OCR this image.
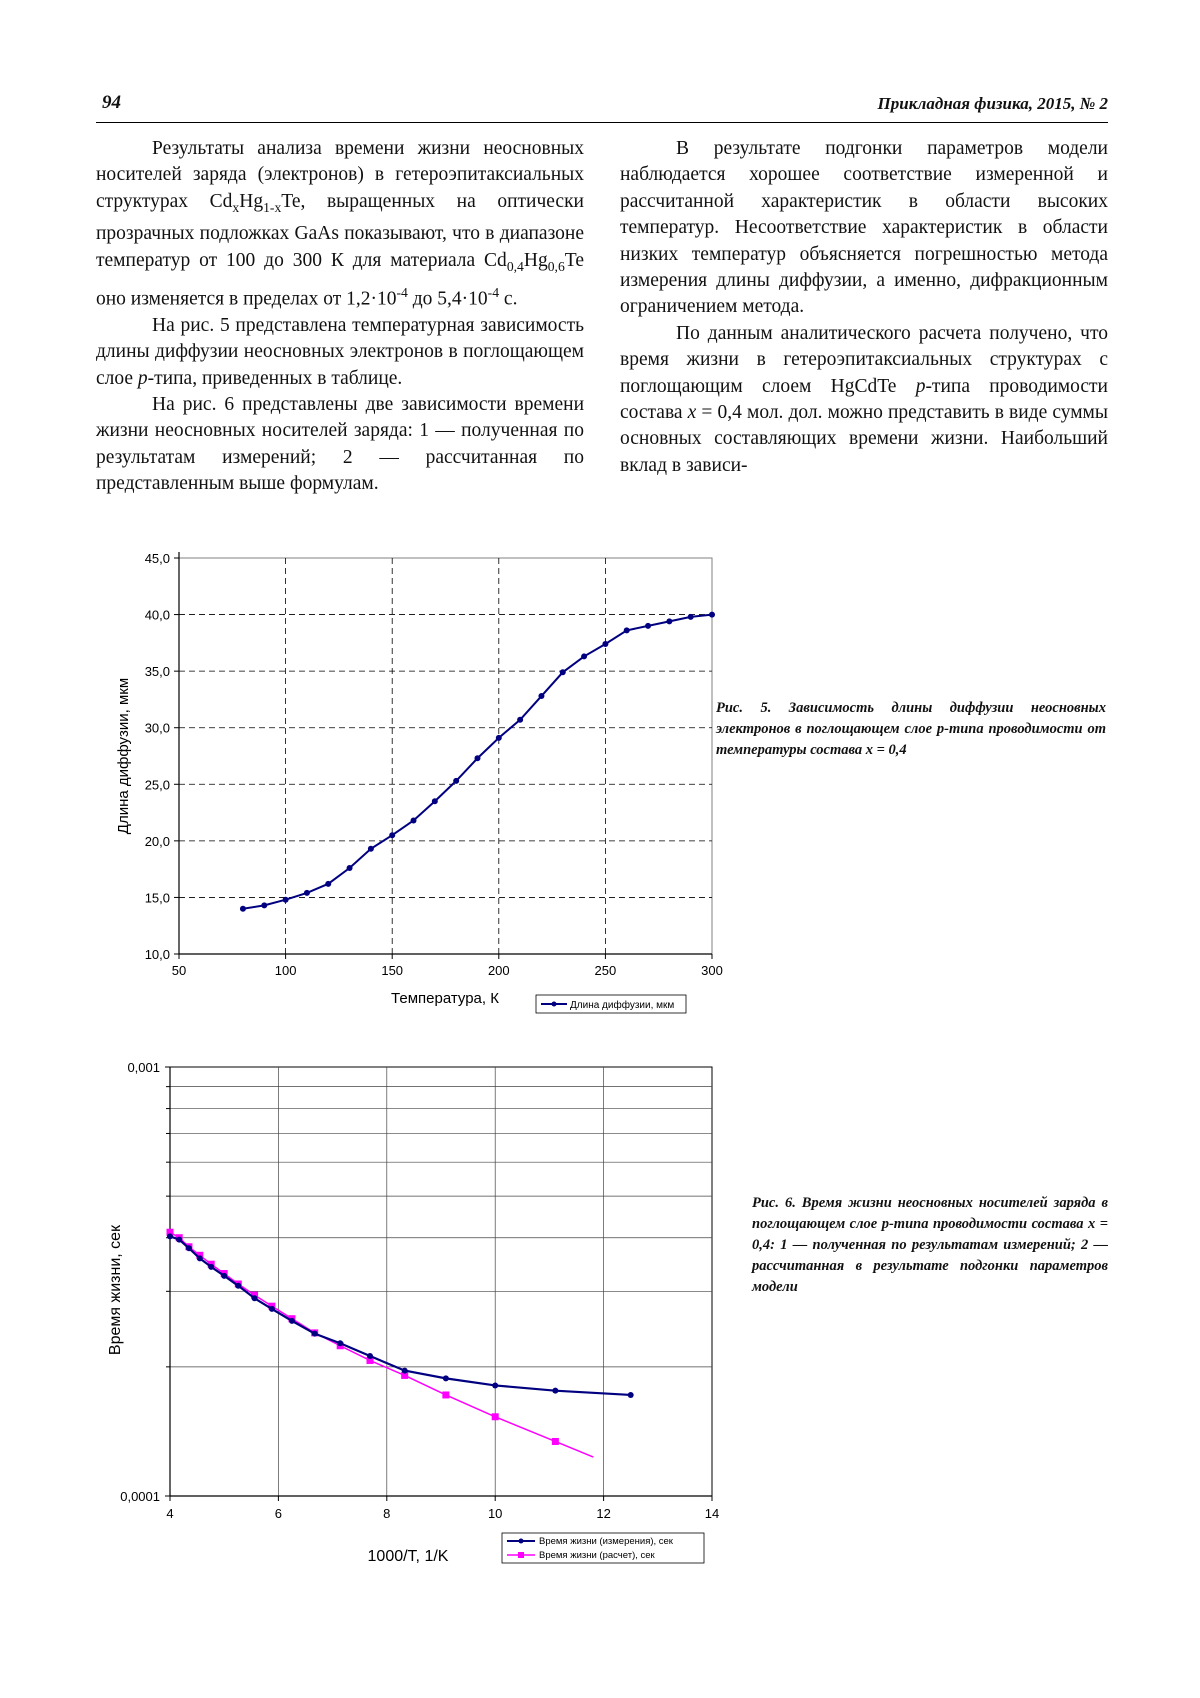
94	Прикладная физика, 2015, № 2

Результаты анализа времени жизни неосновных носителей заряда (электронов) в гетероэпитаксиальных структурах $Cd_xHg_{1-x}Te$, выращенных на оптически прозрачных подложках GaAs показывают, что в диапазоне температур от 100 до 300 К для материала $Cd_{0,4}Hg_{0,6}Te$ оно изменяется в пределах от $1,2\cdot 10^{-4}$ до $5,4\cdot 10^{-4}$ с.

На рис. 5 представлена температурная зависимость длины диффузии неосновных электронов в поглощающем слое p-типа, приведенных в таблице.

На рис. 6 представлены две зависимости времени жизни неосновных носителей заряда: 1 — полученная по результатам измерений; 2 — рассчитанная по представленным выше формулам.

В результате подгонки параметров модели наблюдается хорошее соответствие измеренной и рассчитанной характеристик в области высоких температур. Несоответствие характеристик в области низких температур объясняется погрешностью метода измерения длины диффузии, а именно, дифракционным ограничением метода.

По данным аналитического расчета получено, что время жизни в гетероэпитаксиальных структурах с поглощающим слоем HgCdTe p-типа проводимости состава x = 0,4 мол. дол. можно представить в виде суммы основных составляющих времени жизни. Наибольший вклад в зависи-

10,0
15,0
20,0
25,0
30,0
35,0
40,0
45,0
50	100	150	200	250	300
Длина диффузии, мкм
Температура, К	Длина диффузии, мкм
4	6	8	10	12	14
0,001
0,0001
Время жизни, сек
1000/T, 1/K
Время жизни (измерения), сек
Время жизни (расчет), сек
Рис. 5. Зависимость длины диффузии неосновных электронов в поглощающем слое p-типа проводимости от температуры состава x = 0,4
Рис. 6. Время жизни неосновных носителей заряда в поглощающем слое p-типа проводимости состава x = 0,4: 1 — полученная по результатам измерений; 2 — рассчитанная в результате подгонки параметров модели
